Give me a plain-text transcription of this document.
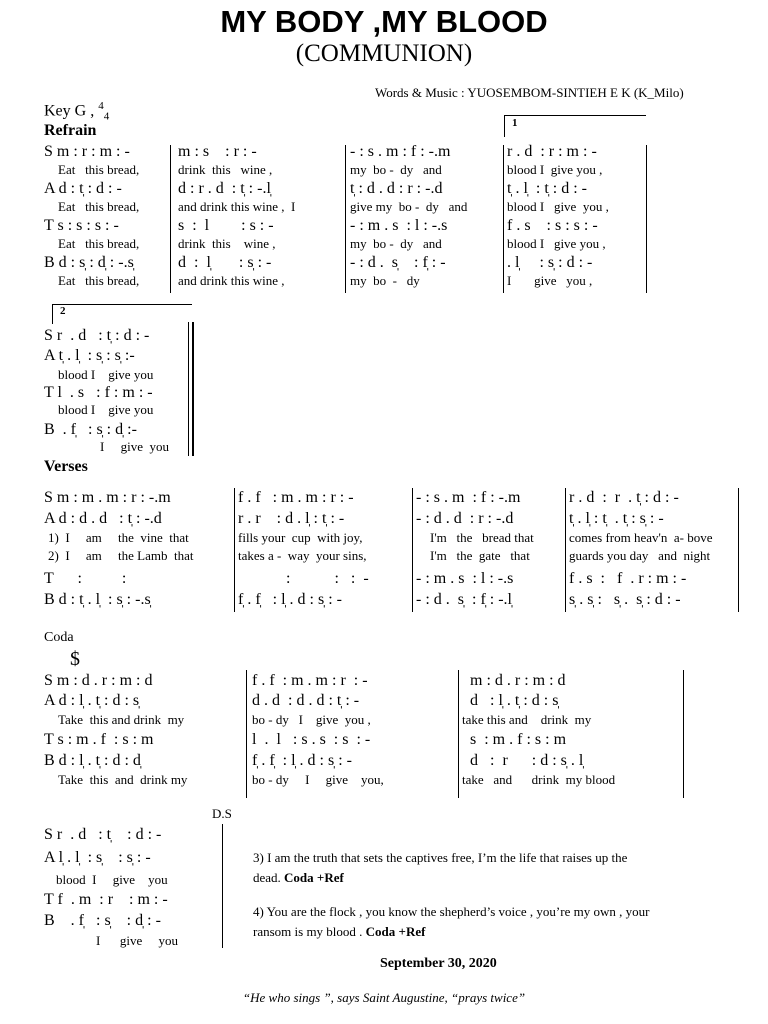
MY BODY ,MY BLOOD
(COMMUNION)
Words & Music : YUOSEMBOM-SINTIEH E K (K_Milo)
Key G , $^4_4$
Refrain	1
S m : r : m : -	m : s    : r : -	- : s . m : f : -.m	r . d  : r : m : -
Eat   this bread,	drink  this   wine ,	my  bo -  dy   and	blood I  give you ,
A d : t̩ : d : -	d : r . d  : t̩ : -.l̩	t̩ : d . d : r : -.d	t̩ . l̩  : t̩ : d : -
Eat   this bread,	and drink this wine ,  I	give my  bo -  dy   and	blood I   give  you ,
T s : s : s : -	s  :  l        : s : -	- : m . s  : l : -.s	f . s    : s : s : -
Eat   this bread,	drink  this    wine ,	my  bo -  dy   and	blood I   give you ,
B d : s̩ : d̩ : -.s̩	d  :  l̩       : s̩ : -	- : d .  s̩    : f̩ : -	. l̩     : s̩ : d : -
Eat   this bread,	and drink this wine ,	my  bo  -   dy	I       give   you ,
2
S r  . d   : t̩ : d : -
A t̩ . l̩  : s̩ : s̩ :-
blood I    give you
T l  . s   : f : m : -
blood I    give you
B  . f̩   : s̩ : d̩ :-
I     give  you
Verses
S m : m . m : r : -.m	f . f   : m . m : r : -	- : s . m  : f : -.m	r . d  :  r  . t̩ : d : -
A d : d . d   : t̩ : -.d	r . r    : d . l̩ : t̩ : -	- : d . d  : r : -.d	t̩ . l̩ : t̩  . t̩ : s̩ : -
1)  I     am     the  vine  that	fills your  cup  with joy,	I'm   the   bread that	comes from heav'n  a- bove
2)  I     am     the Lamb  that	takes a -  way  your sins,	I'm   the  gate   that	guards you day   and  night
T      :          :	:           :   :  -	- : m . s  : l : -.s	f . s  :   f  . r : m : -
B d : t̩ . l̩  : s̩ : -.s̩	f̩ . f̩   : l̩ . d : s̩ : -	- : d .  s̩  : f̩ : -.l̩	s̩ . s̩ :   s̩ .  s̩ : d : -
Coda
$
S m : d . r : m : d	f . f  : m . m : r  : -	m : d . r : m : d
A d : l̩ . t̩ : d : s̩	d . d  : d . d : t̩ : -	d   : l̩ . t̩ : d : s̩
Take  this and drink  my	bo - dy   I    give  you ,	take this and    drink  my
T s : m . f  : s : m	l  .  l   : s . s  : s  : -	s  : m . f : s : m
B d : l̩ . t̩ : d : d̩	f̩ . f̩  : l̩ . d : s̩ : -	d   :  r      : d : s̩ . l̩
Take  this  and  drink my	bo - dy     I     give    you,	take   and      drink  my blood
D.S
S r  . d   : t̩    : d : -
A l̩ . l̩  : s̩    : s̩ : -
blood  I     give    you
T f  . m  : r    : m : -
B    . f̩   : s̩    : d̩ : -
I      give     you
3) I am the truth that sets the captives free, I’m the life that raises up the dead. Coda +Ref
4) You are the flock , you know the shepherd’s voice , you’re my own , your ransom is my blood . Coda +Ref
September 30, 2020
“He who sings ”, says Saint Augustine, “prays twice”
